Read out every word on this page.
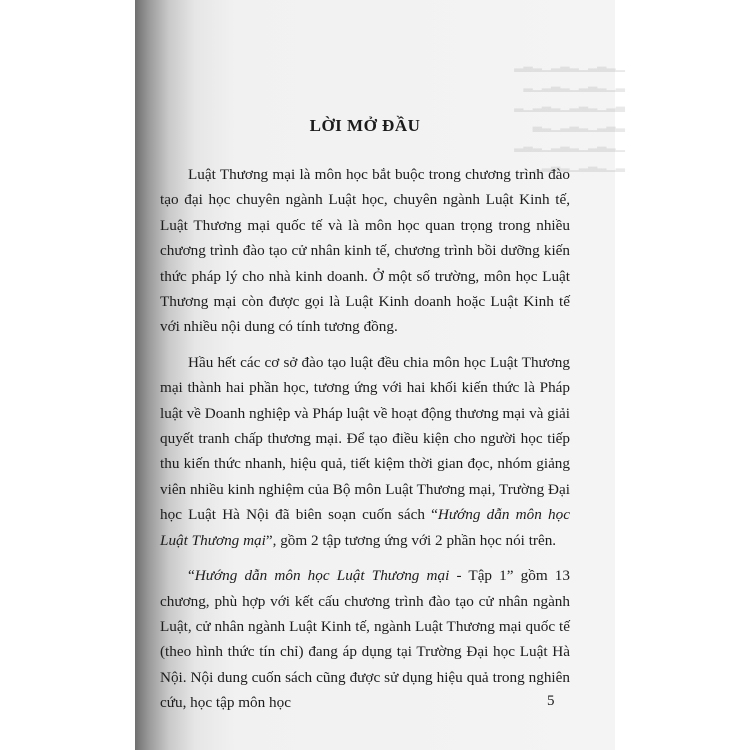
▁▂▃▂▁▂▃▂▁▂▃▂
▂▁▂▃▂▁▂▃▂▁▂
▃▂▁▂▃▂▁▂▃▂▁▂
▂▃▂▁▂▃▂▁▂▃
▁▂▃▂▁▂▃▂▁▂▃▂
▂▁▂▃▂▁▂▃▂▁
LỜI MỞ ĐẦU

Luật Thương mại là môn học bắt buộc trong chương trình đào tạo đại học chuyên ngành Luật học, chuyên ngành Luật Kinh tế, Luật Thương mại quốc tế và là môn học quan trọng trong nhiều chương trình đào tạo cử nhân kinh tế, chương trình bồi dưỡng kiến thức pháp lý cho nhà kinh doanh. Ở một số trường, môn học Luật Thương mại còn được gọi là Luật Kinh doanh hoặc Luật Kinh tế với nhiều nội dung có tính tương đồng.

Hầu hết các cơ sở đào tạo luật đều chia môn học Luật Thương mại thành hai phần học, tương ứng với hai khối kiến thức là Pháp luật về Doanh nghiệp và Pháp luật về hoạt động thương mại và giải quyết tranh chấp thương mại. Để tạo điều kiện cho người học tiếp thu kiến thức nhanh, hiệu quả, tiết kiệm thời gian đọc, nhóm giảng viên nhiều kinh nghiệm của Bộ môn Luật Thương mại, Trường Đại học Luật Hà Nội đã biên soạn cuốn sách “Hướng dẫn môn học Luật Thương mại”, gồm 2 tập tương ứng với 2 phần học nói trên.

“Hướng dẫn môn học Luật Thương mại - Tập 1” gồm 13 chương, phù hợp với kết cấu chương trình đào tạo cử nhân ngành Luật, cử nhân ngành Luật Kinh tế, ngành Luật Thương mại quốc tế (theo hình thức tín chỉ) đang áp dụng tại Trường Đại học Luật Hà Nội. Nội dung cuốn sách cũng được sử dụng hiệu quả trong nghiên cứu, học tập môn học	5
